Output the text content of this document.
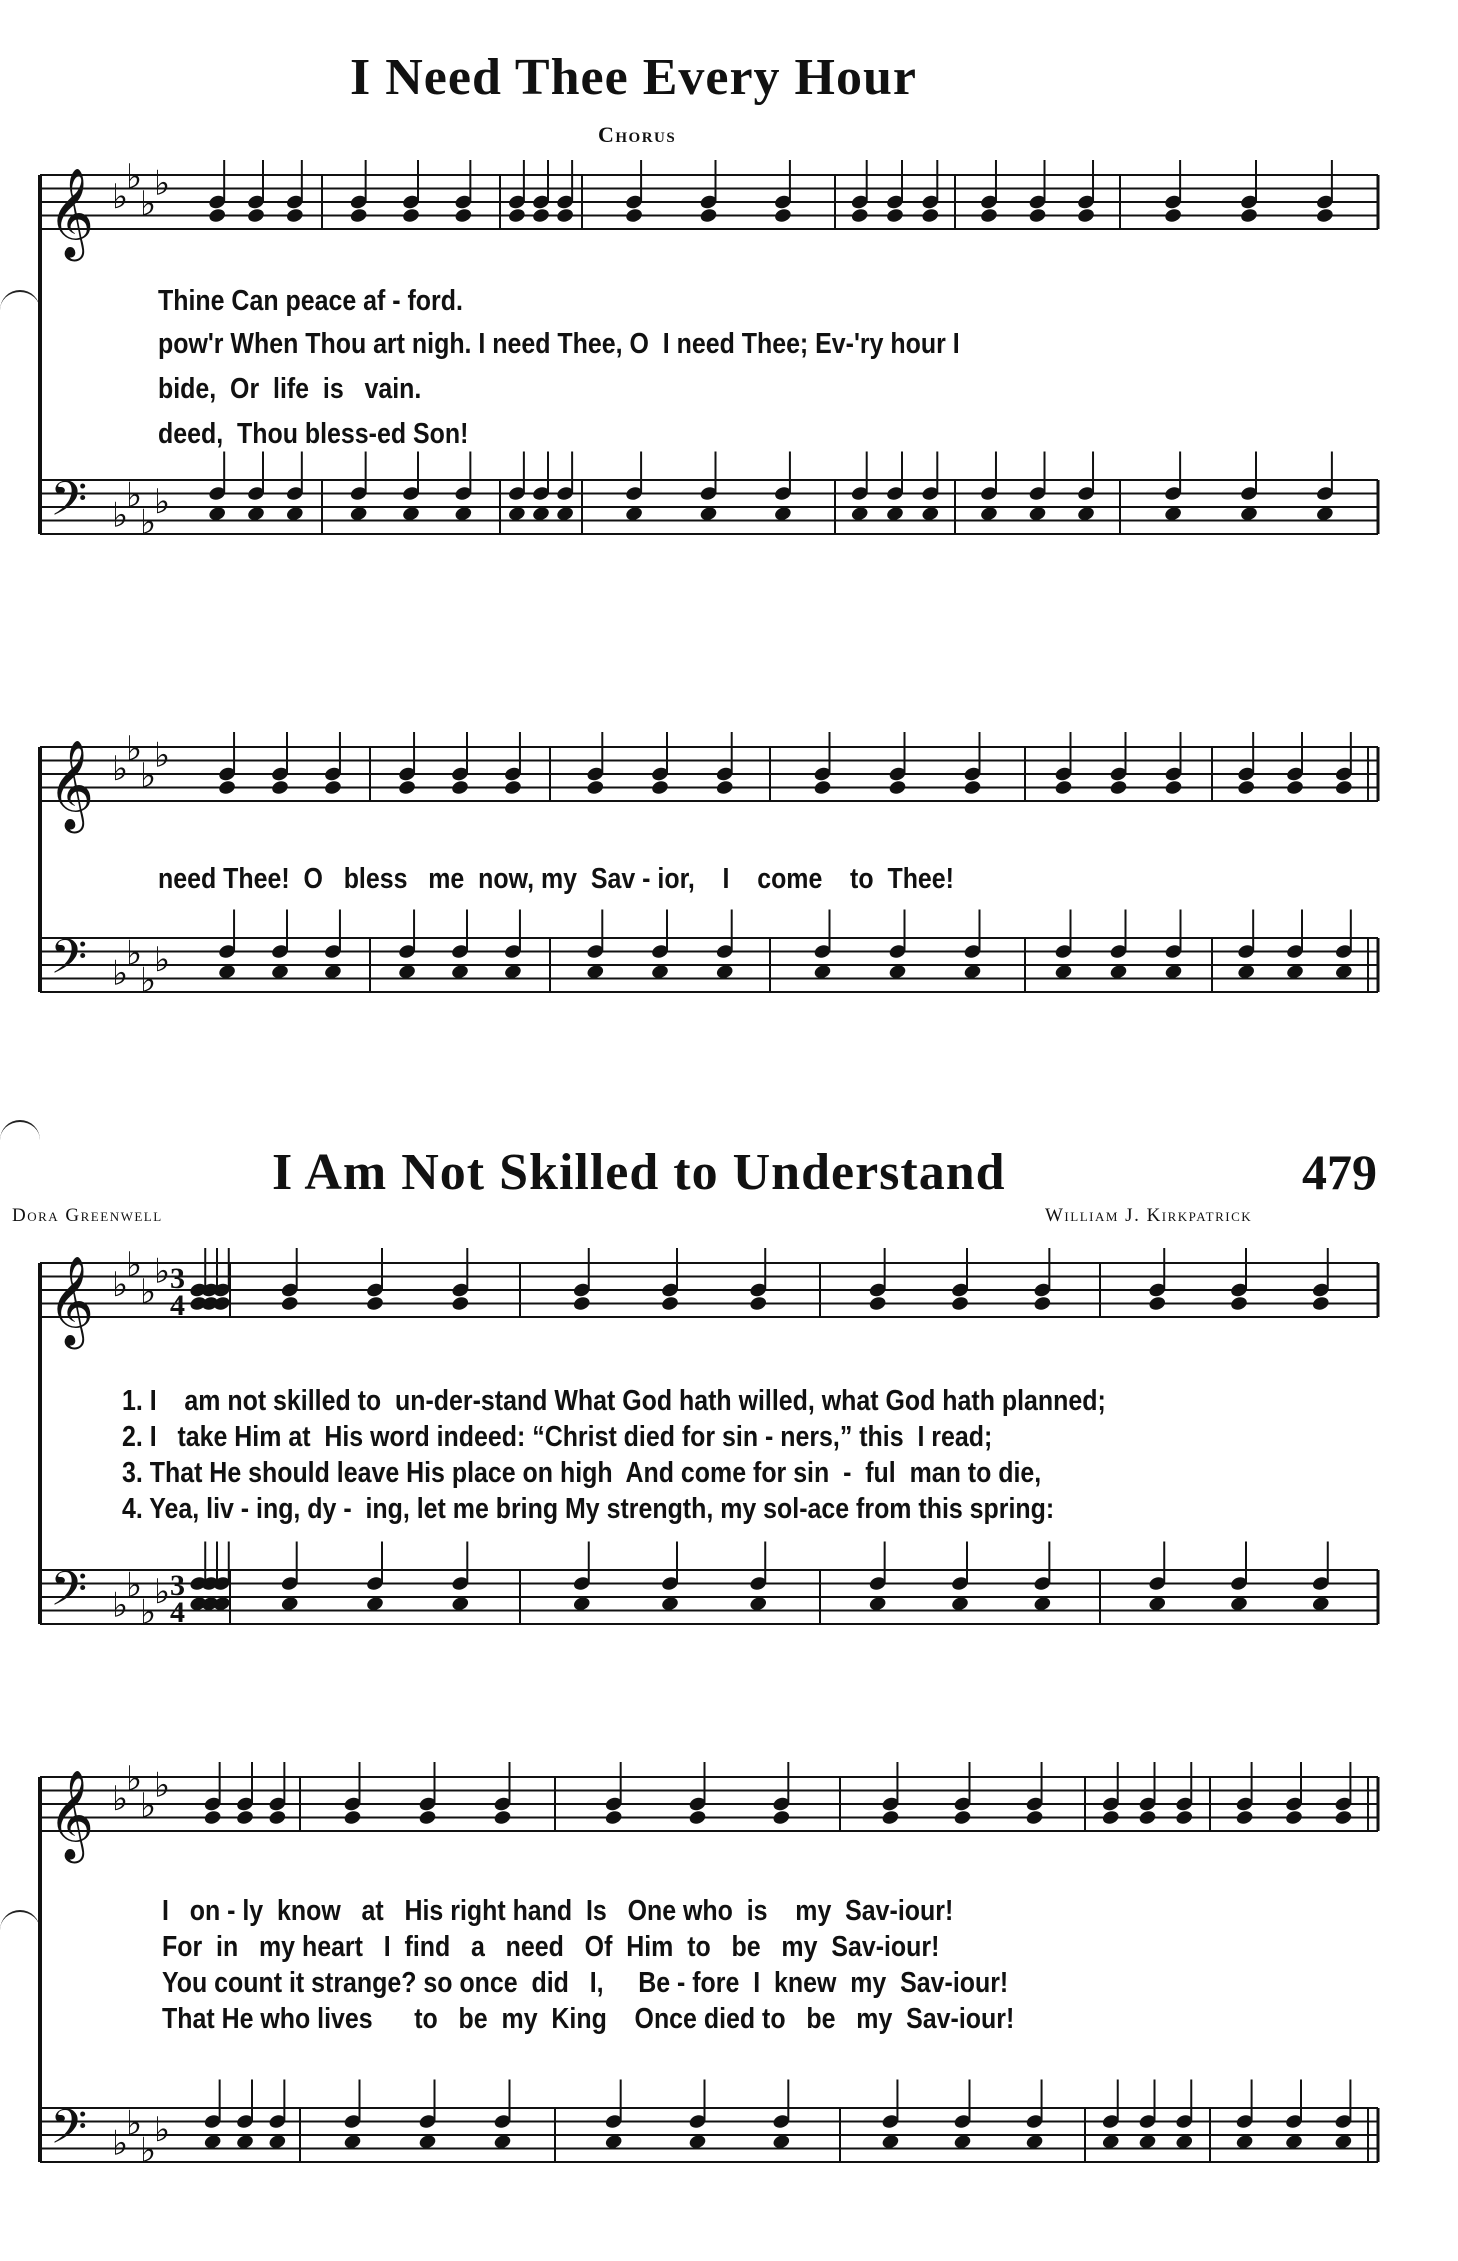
I Need Thee Every Hour
Chorus
𝄞
𝄢
♭
♭
♭
♭
♭
♭
♭
♭
𝄞
𝄢
♭
♭
♭
♭
♭
♭
♭
♭
𝄞
𝄢
♭
♭
♭
♭
♭
♭
♭
♭
3
3
4
4
𝄞
𝄢
♭
♭
♭
♭
♭
♭
♭
♭
Thine Can peace af - ford.
pow'r When Thou art nigh. I need Thee, O  I need Thee; Ev-'ry hour I
bide,  Or  life  is   vain.
deed,  Thou bless-ed Son!
need Thee!  O   bless   me  now, my  Sav - ior,    I    come    to  Thee!
I Am Not Skilled to Understand	479
Dora Greenwell	William J. Kirkpatrick
1. I    am not skilled to  un-der-stand What God hath willed, what God hath planned;
2. I   take Him at  His word indeed: “Christ died for sin - ners,” this  I read;
3. That He should leave His place on high  And come for sin  -  ful  man to die,
4. Yea, liv - ing, dy -  ing, let me bring My strength, my sol-ace from this spring:
I   on - ly  know   at   His right hand  Is   One who  is    my  Sav-iour!
For  in   my heart   I  find   a   need   Of  Him  to   be   my  Sav-iour!
You count it strange? so once  did   I,     Be - fore  I  knew  my  Sav-iour!
That He who lives      to   be  my  King    Once died to   be   my  Sav-iour!
